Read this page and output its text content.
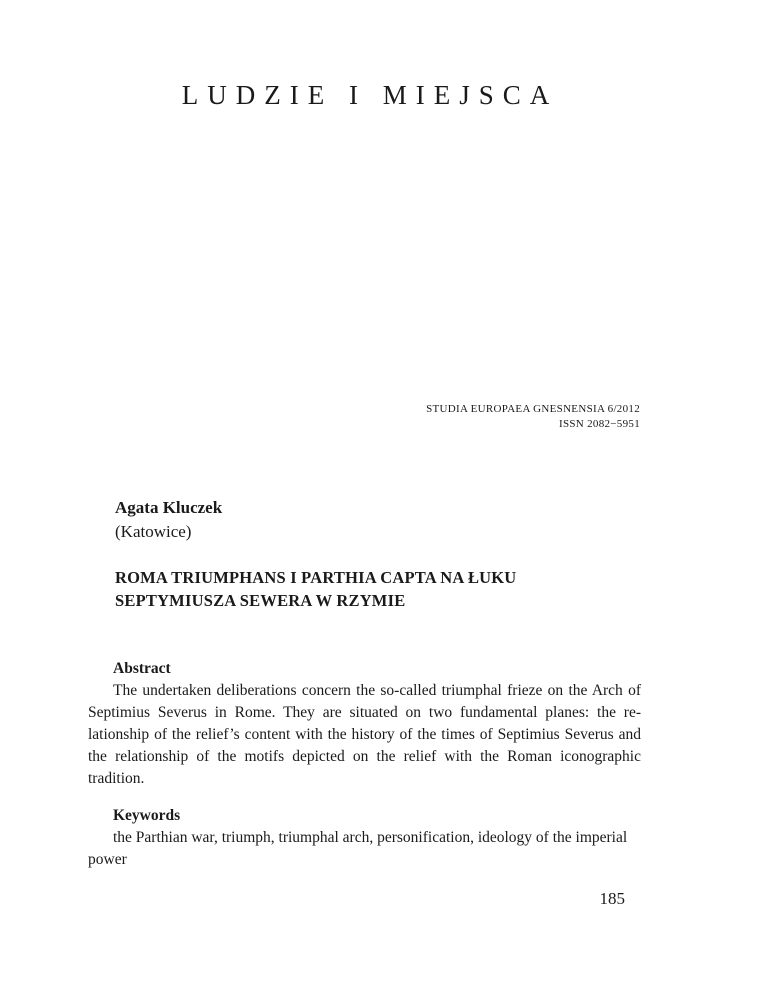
LUDZIE I MIEJSCA
STUDIA EUROPAEA GNESNENSIA 6/2012
ISSN 2082−5951
Agata Kluczek
(Katowice)
ROMA TRIUMPHANS I PARTHIA CAPTA NA ŁUKU
SEPTYMIUSZA SEWERA W RZYMIE
Abstract

The undertaken deliberations concern the so-called triumphal frieze on the Arch of Septimius Severus in Rome. They are situated on two fundamental planes: the relationship of the relief’s content with the history of the times of Septimius Severus and the relationship of the motifs depicted on the relief with the Roman iconographic tradition.

Keywords

the Parthian war, triumph, triumphal arch, personification, ideology of the imperial power

185
